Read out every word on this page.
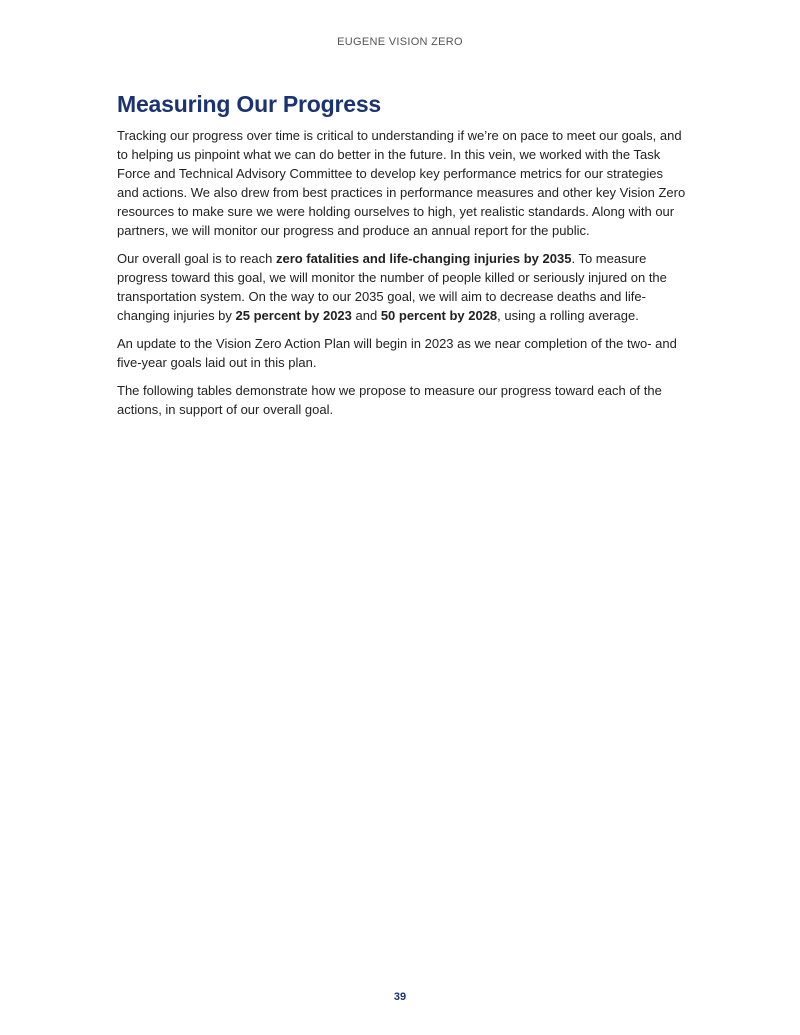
EUGENE VISION ZERO
Measuring Our Progress

Tracking our progress over time is critical to understanding if we’re on pace to meet our goals, and to helping us pinpoint what we can do better in the future. In this vein, we worked with the Task Force and Technical Advisory Committee to develop key performance metrics for our strategies and actions. We also drew from best practices in performance measures and other key Vision Zero resources to make sure we were holding ourselves to high, yet realistic standards. Along with our partners, we will monitor our progress and produce an annual report for the public.

Our overall goal is to reach zero fatalities and life-changing injuries by 2035. To measure progress toward this goal, we will monitor the number of people killed or seriously injured on the transportation system. On the way to our 2035 goal, we will aim to decrease deaths and life-changing injuries by 25 percent by 2023 and 50 percent by 2028, using a rolling average.

An update to the Vision Zero Action Plan will begin in 2023 as we near completion of the two- and five-year goals laid out in this plan.

The following tables demonstrate how we propose to measure our progress toward each of the actions, in support of our overall goal.

39
